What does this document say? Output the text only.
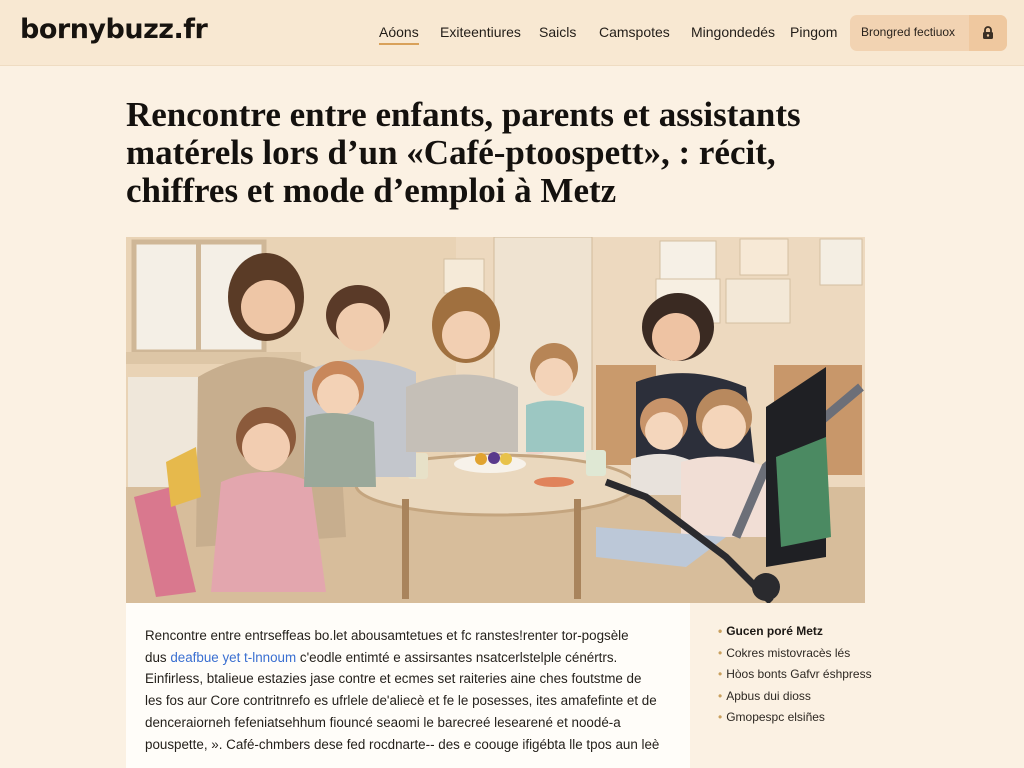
bornybuzz.fr	Aóons Exiteentiures Saicls Camspotes Mingondedés Pingom Brongred fectiuox
Rencontre entre enfants, parents et assistants
matérels lors d’un «Café-ptoospett», : récit,
chiffres et mode d’emploi à Metz

Rencontre entre entrseffeas bo.let abousamtetues et fc ranstes!renter tor-pogsèle
dus deafbue yet t-lnnoum c'eodle entimté e assirsantes nsatcerlstelple cénértrs.
Einfirless, btalieue estazies jase contre et ecmes set raiteries aine ches foutstme de
les fos aur Core contritnrefo es ufrlele de'aliecè et fe le posesses, ites amafefinte et de
denceraiorneh fefeniatsehhum fiouncé seaomi le barecreé lesearené et noodé-a
pouspette, ». Café-chmbers dese fed rocdnarte-- des e coouge ifigébta lle tpos aun leè

• Gucen poré Metz
• Cokres mistovracès lés
• Hòos bonts Gafvr éshpress
• Apbus dui dioss
• Gmopespc elsiñes
